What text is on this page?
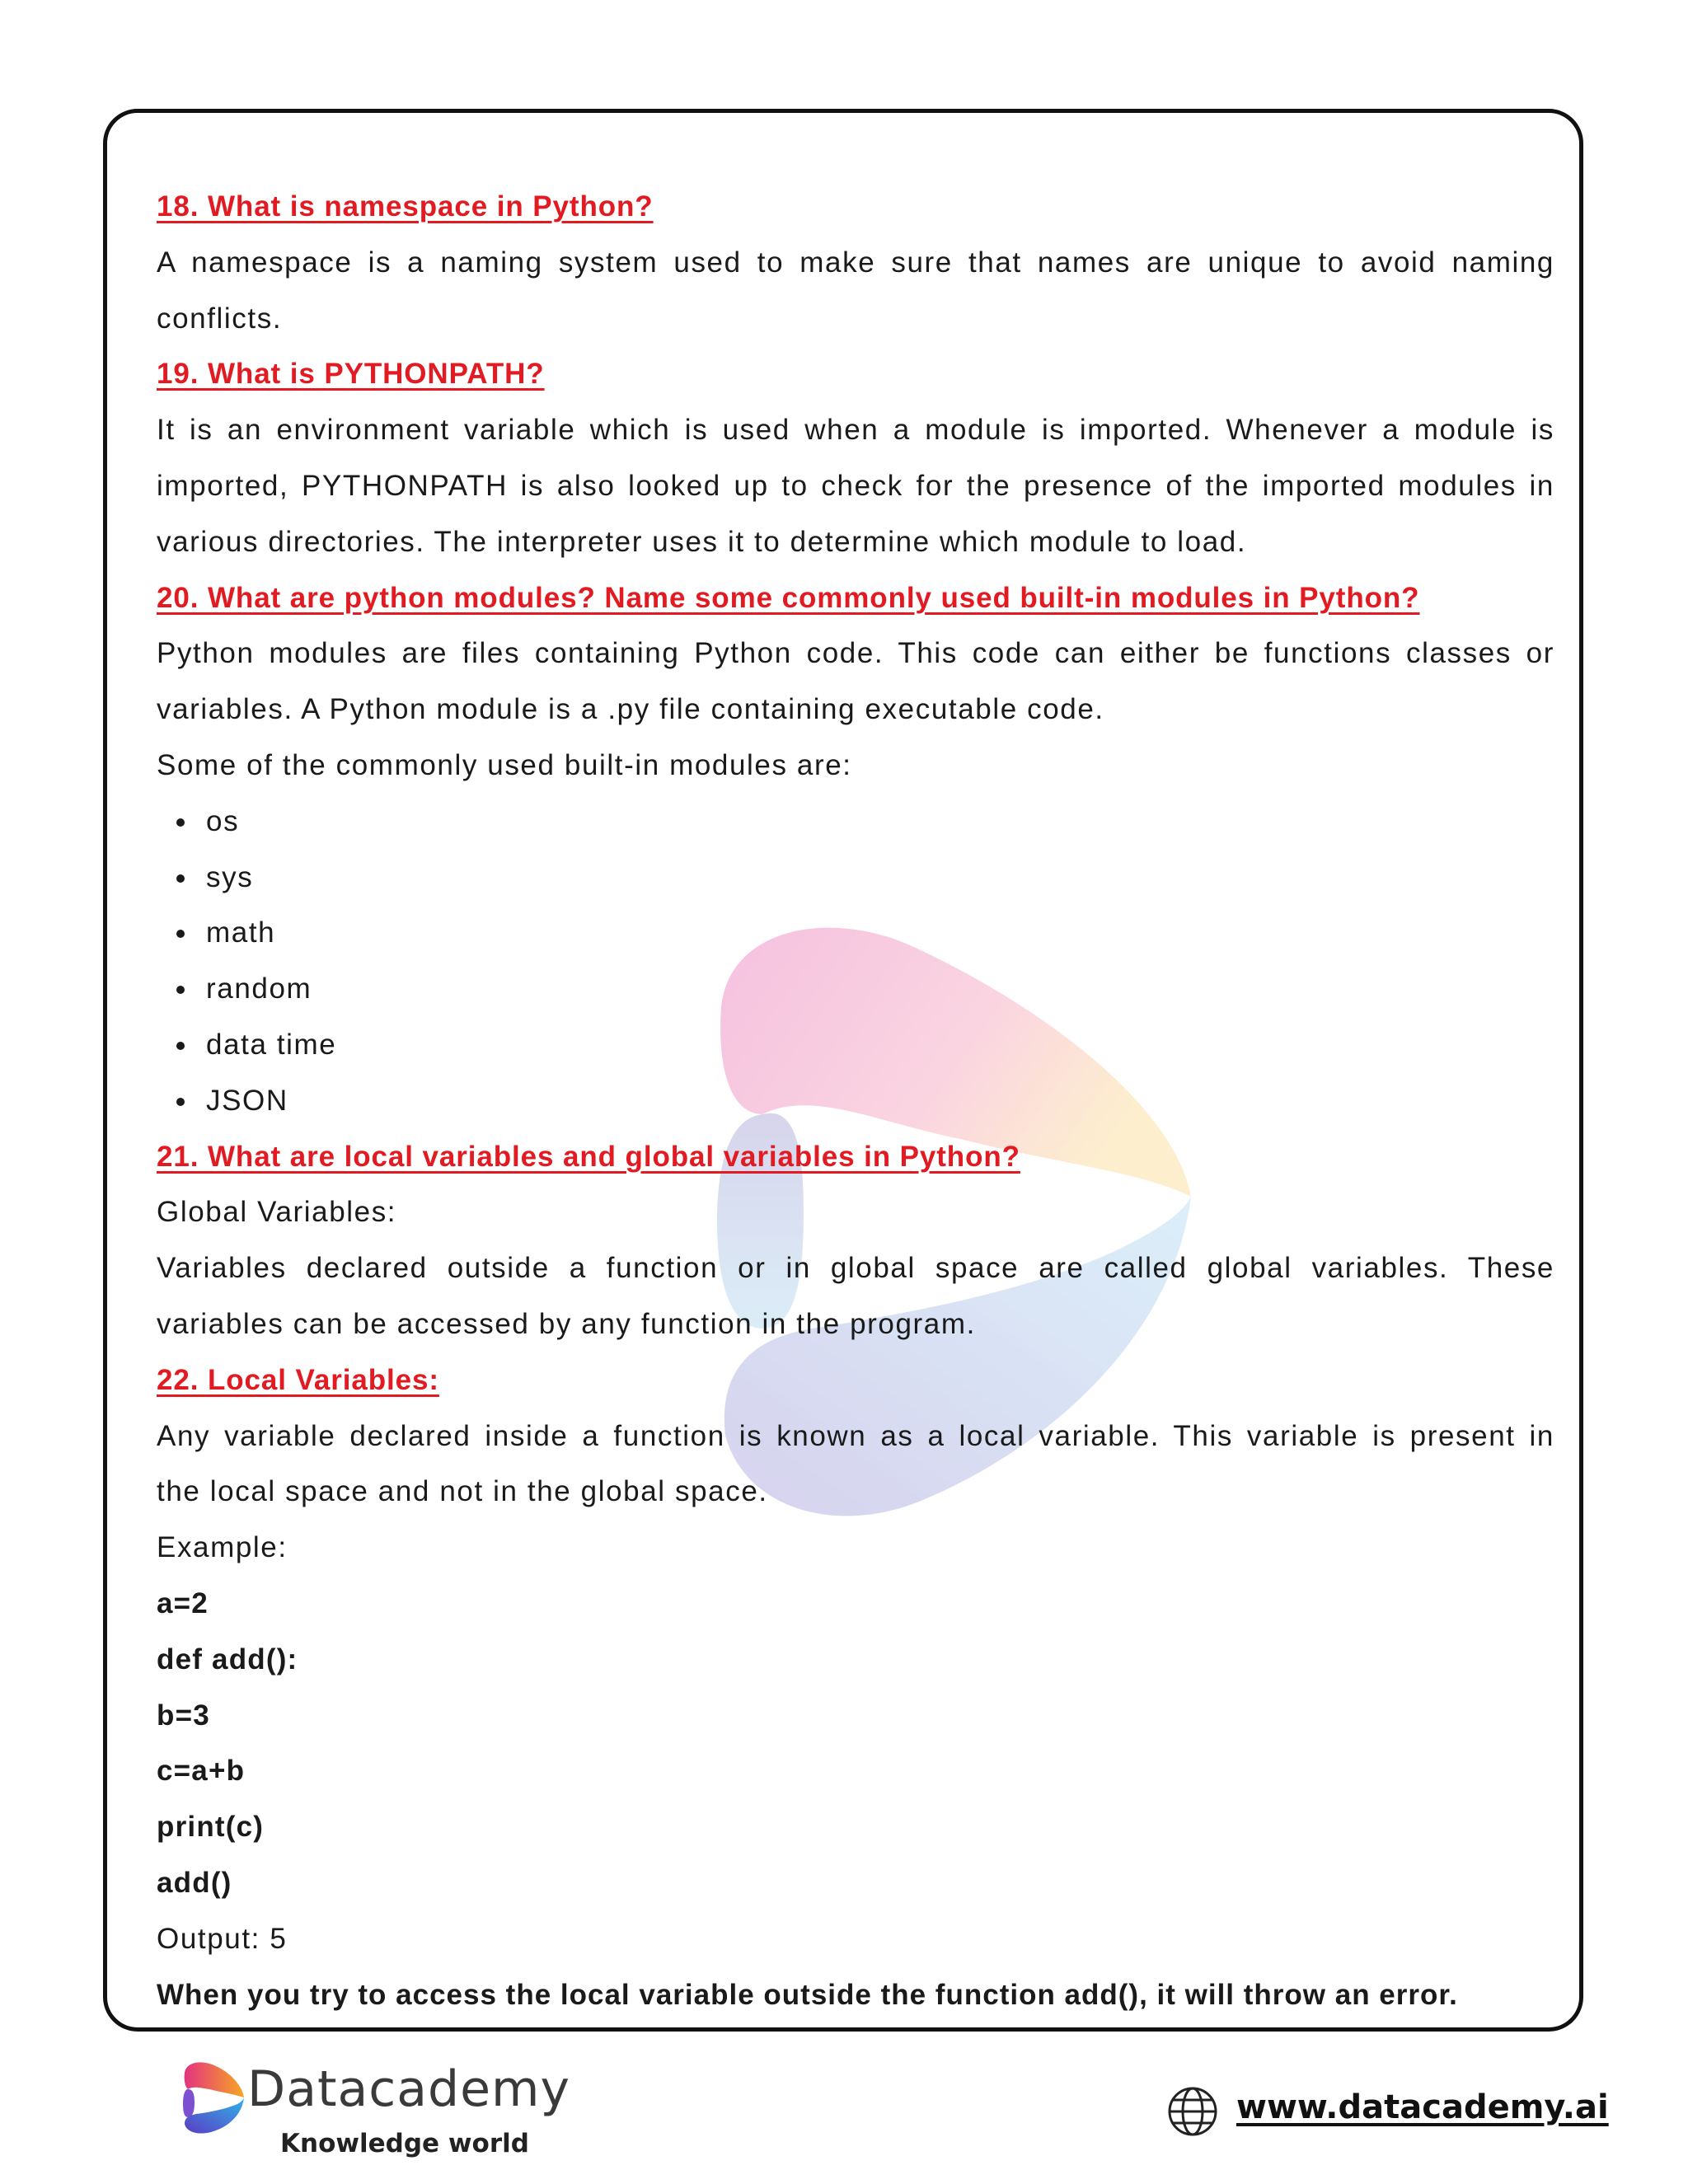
18. What is namespace in Python?
A namespace is a naming system used to make sure that names are unique to avoid naming
conflicts.
19. What is PYTHONPATH?
It is an environment variable which is used when a module is imported. Whenever a module is
imported, PYTHONPATH is also looked up to check for the presence of the imported modules in
various directories. The interpreter uses it to determine which module to load.
20. What are python modules? Name some commonly used built-in modules in Python?
Python modules are files containing Python code. This code can either be functions classes or
variables. A Python module is a .py file containing executable code.
Some of the commonly used built-in modules are:
os
sys
math
random
data time
JSON
21. What are local variables and global variables in Python?
Global Variables:
Variables declared outside a function or in global space are called global variables. These
variables can be accessed by any function in the program.
22. Local Variables:
Any variable declared inside a function is known as a local variable. This variable is present in
the local space and not in the global space.
Example:
a=2
def add():
b=3
c=a+b
print(c)
add()
Output: 5
When you try to access the local variable outside the function add(), it will throw an error.
Datacademy
Knowledge world
www.datacademy.ai
